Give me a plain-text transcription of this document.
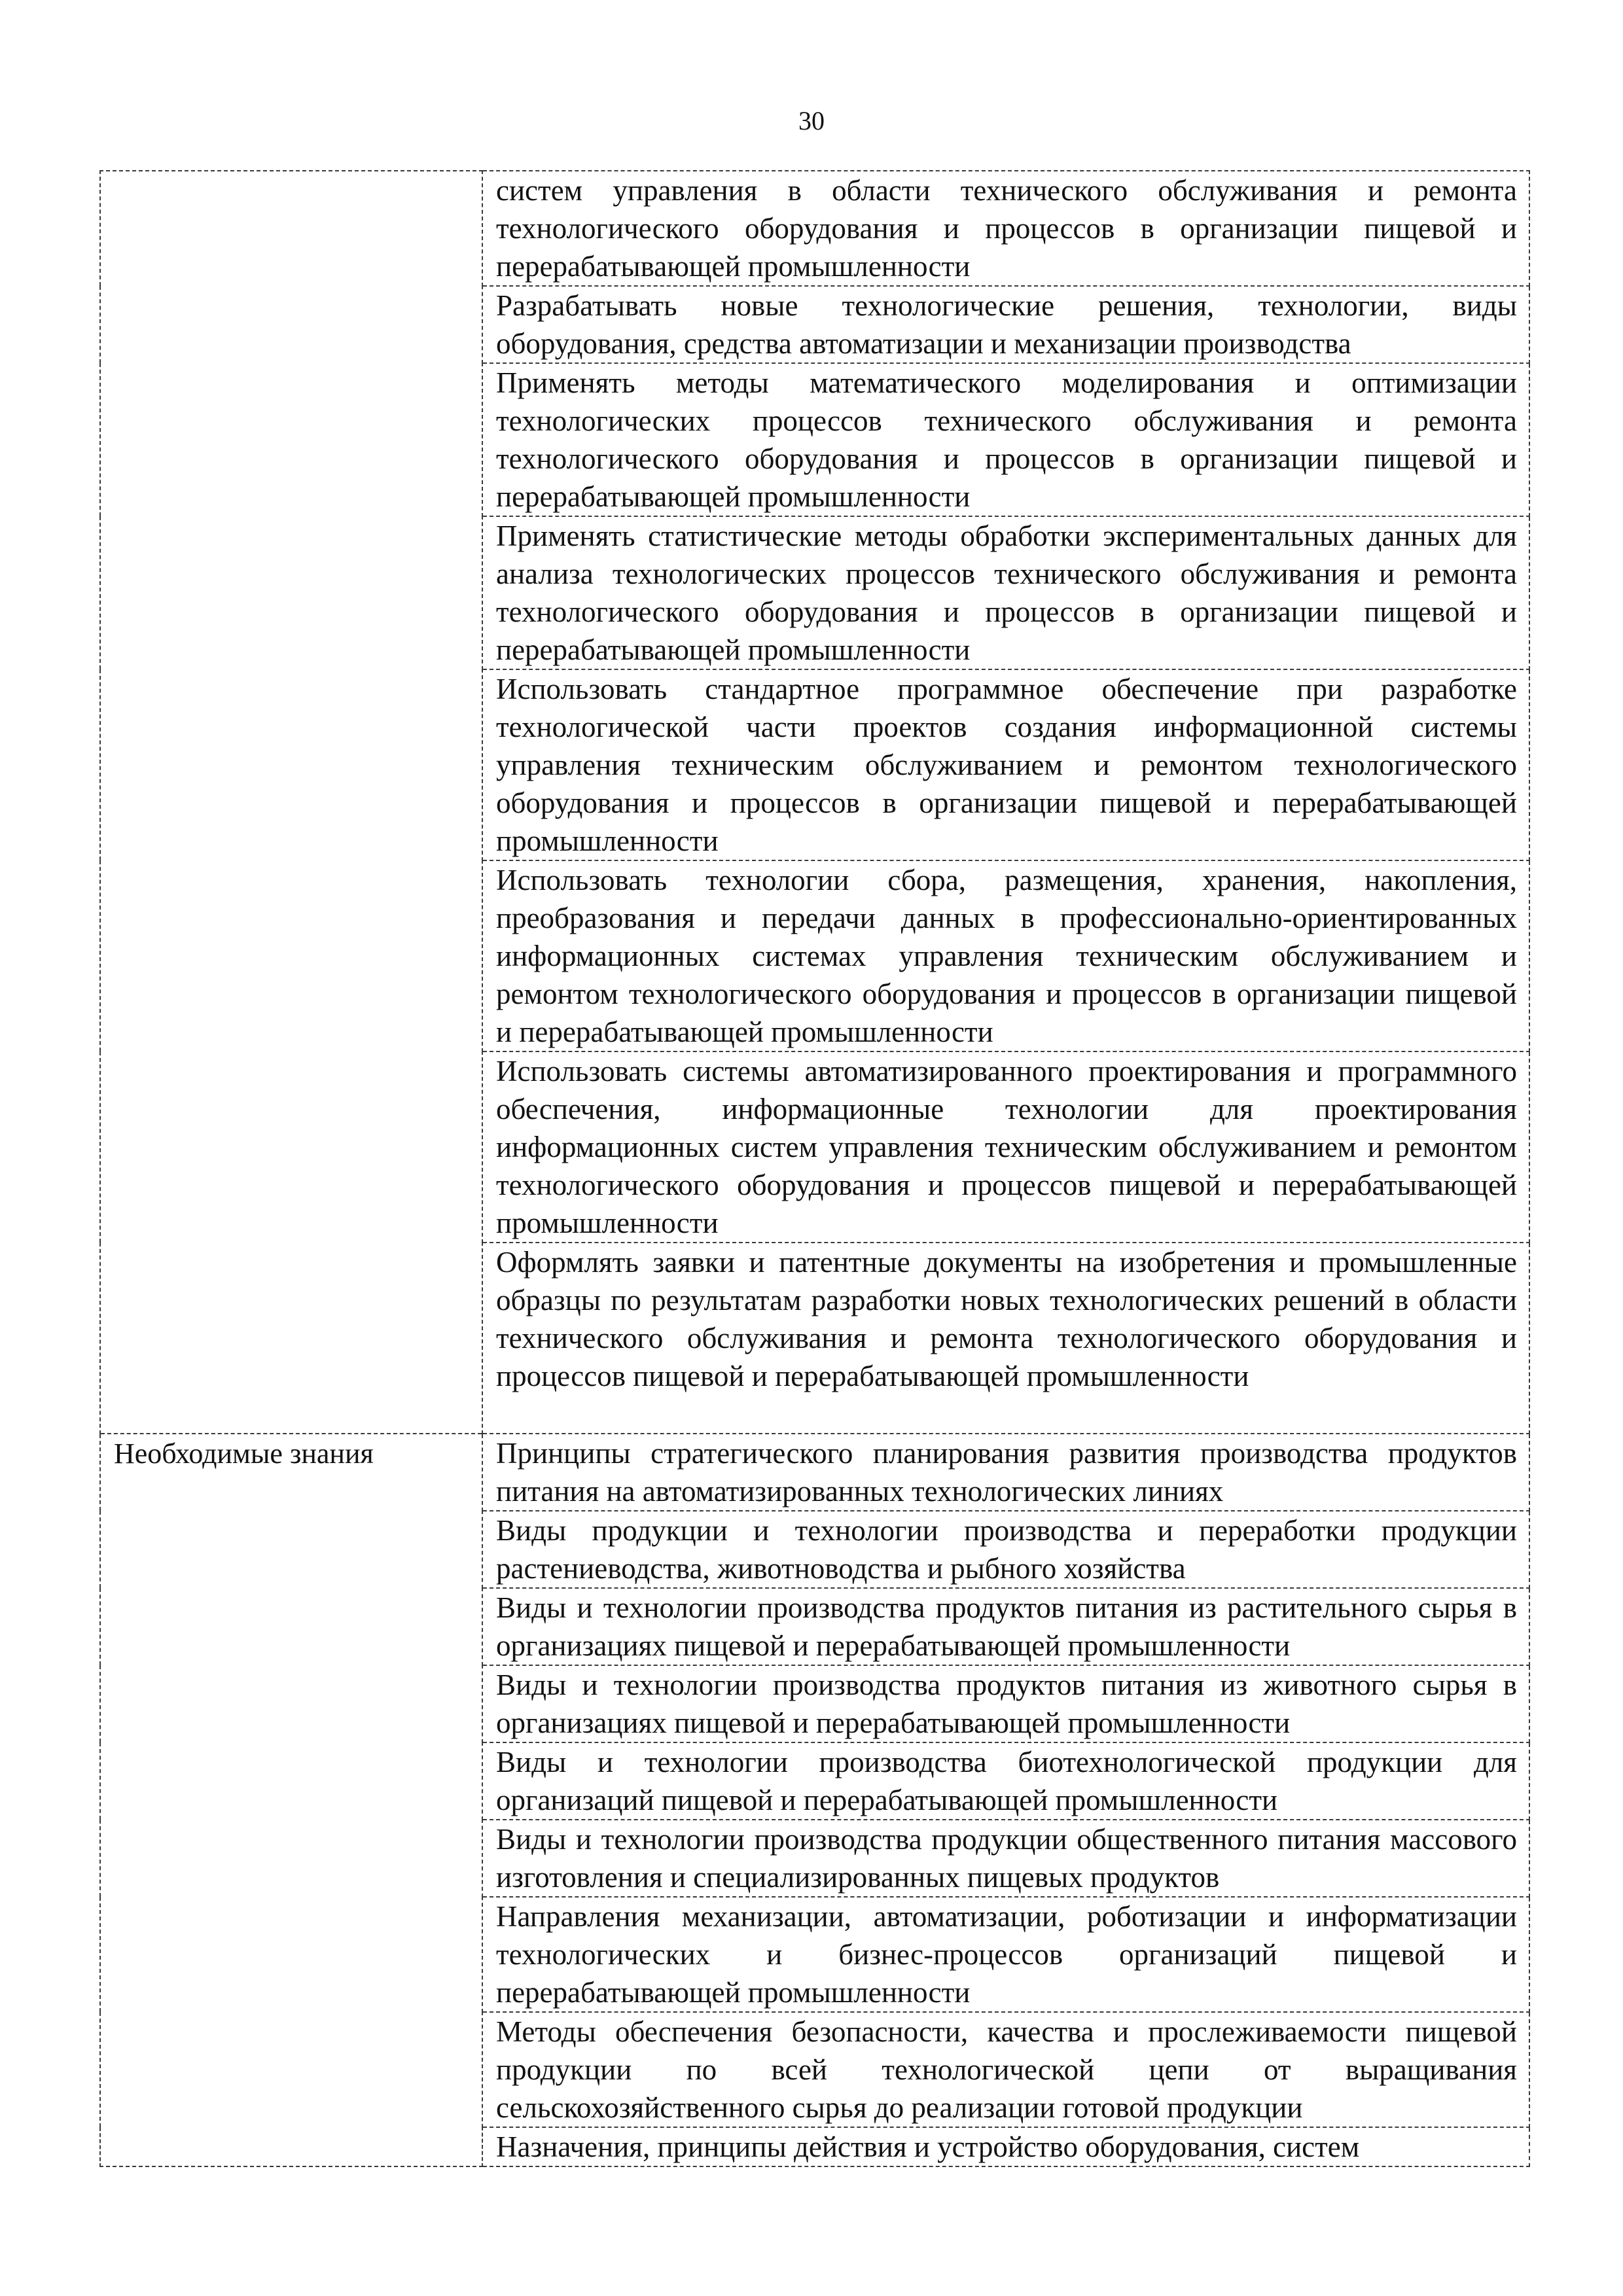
30
	систем управления в области технического обслуживания и ремонта технологического оборудования и процессов в организации пищевой и перерабатывающей промышленности
	Разрабатывать новые технологические решения, технологии, виды оборудования, средства автоматизации и механизации производства
	Применять методы математического моделирования и оптимизации технологических процессов технического обслуживания и ремонта технологического оборудования и процессов в организации пищевой и перерабатывающей промышленности
	Применять статистические методы обработки экспериментальных данных для анализа технологических процессов технического обслуживания и ремонта технологического оборудования и процессов в организации пищевой и перерабатывающей промышленности
	Использовать стандартное программное обеспечение при разработке технологической части проектов создания информационной системы управления техническим обслуживанием и ремонтом технологического оборудования и процессов в организации пищевой и перерабатывающей промышленности
	Использовать технологии сбора, размещения, хранения, накопления, преобразования и передачи данных в профессионально-ориентированных информационных системах управления техническим обслуживанием и ремонтом технологического оборудования и процессов в организации пищевой и перерабатывающей промышленности
	Использовать системы автоматизированного проектирования и программного обеспечения, информационные технологии для проектирования информационных систем управления техническим обслуживанием и ремонтом технологического оборудования и процессов пищевой и перерабатывающей промышленности
	Оформлять заявки и патентные документы на изобретения и промышленные образцы по результатам разработки новых технологических решений в области технического обслуживания и ремонта технологического оборудования и процессов пищевой и перерабатывающей промышленности
Необходимые знания	Принципы стратегического планирования развития производства продуктов питания на автоматизированных технологических линиях
	Виды продукции и технологии производства и переработки продукции растениеводства, животноводства и рыбного хозяйства
	Виды и технологии производства продуктов питания из растительного сырья в организациях пищевой и перерабатывающей промышленности
	Виды и технологии производства продуктов питания из животного сырья в организациях пищевой и перерабатывающей промышленности
	Виды и технологии производства биотехнологической продукции для организаций пищевой и перерабатывающей промышленности
	Виды и технологии производства продукции общественного питания массового изготовления и специализированных пищевых продуктов
	Направления механизации, автоматизации, роботизации и информатизации технологических и бизнес-процессов организаций пищевой и перерабатывающей промышленности
	Методы обеспечения безопасности, качества и прослеживаемости пищевой продукции по всей технологической цепи от выращивания сельскохозяйственного сырья до реализации готовой продукции
	Назначения, принципы действия и устройство оборудования, систем
